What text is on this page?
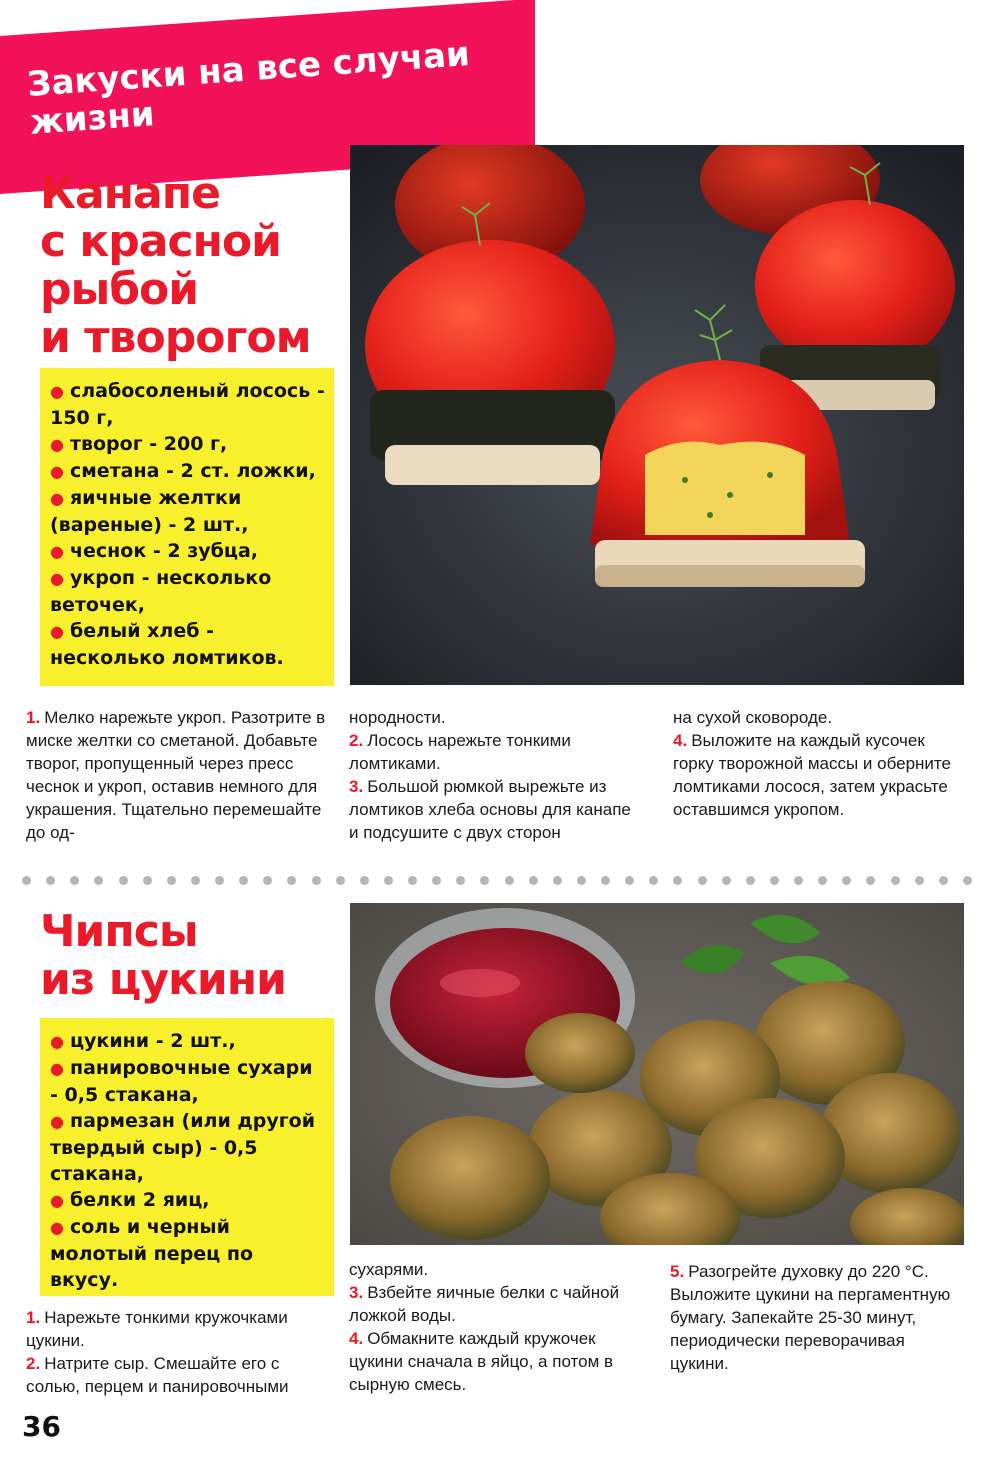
Закуски на все случаи жизни
Канапе
с красной
рыбой
и творогом

● слабосоленый лосось - 150 г,

● творог - 200 г,

● сметана - 2 ст. ложки,

● яичные желтки (вареные) - 2 шт.,

● чеснок - 2 зубца,

● укроп - несколько веточек,

● белый хлеб - несколько ломтиков.

1. Мелко нарежьте укроп. Разотрите в миске желтки со сметаной. Добавьте творог, пропущенный через пресс чеснок и укроп, оставив немного для украшения. Тщательно перемешайте до од-

нородности.

2. Лосось нарежьте тонкими ломтиками.

3. Большой рюмкой вырежьте из ломтиков хлеба основы для канапе и подсушите с двух сторон

на сухой сковороде.

4. Выложите на каждый кусочек горку творожной массы и оберните ломтиками лосося, затем украсьте оставшимся укропом.

Чипсы
из цукини

● цукини - 2 шт.,

● панировочные сухари - 0,5 стакана,

● пармезан (или другой твердый сыр) - 0,5 стакана,

● белки 2 яиц,

● соль и черный молотый перец по вкусу.

1. Нарежьте тонкими кружочками цукини.

2. Натрите сыр. Смешайте его с солью, перцем и панировочными

сухарями.

3. Взбейте яичные белки с чайной ложкой воды.

4. Обмакните каждый кружочек цукини сначала в яйцо, а потом в сырную смесь.

5. Разогрейте духовку до 220 °С. Выложите цукини на пергаментную бумагу. Запекайте 25-30 минут, периодически переворачивая цукини.

36
